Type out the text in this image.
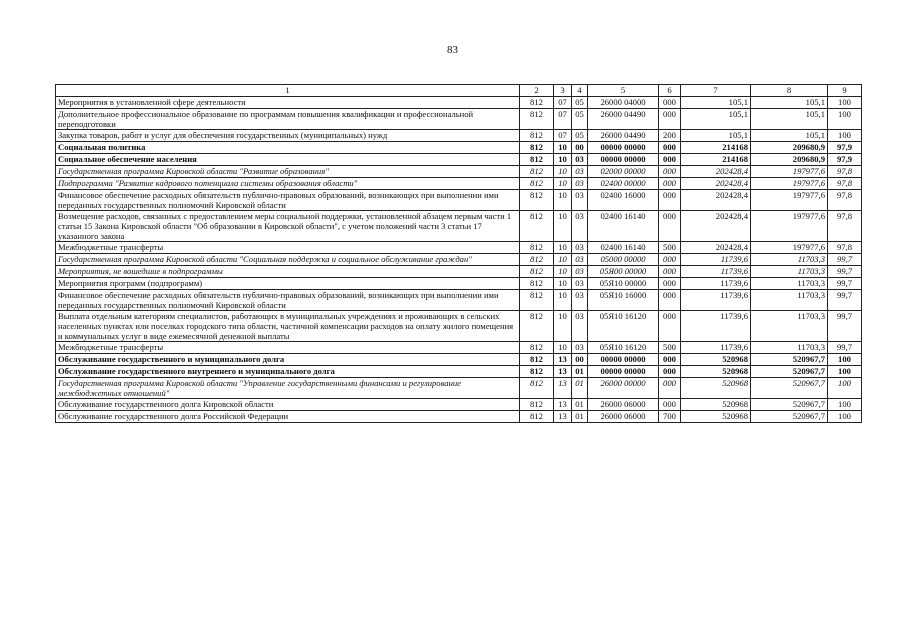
83
1	2	3	4	5	6	7	8	9
Мероприятия в установленной сфере деятельности	812	07	05	26000 04000	000	105,1	105,1	100
Дополнительное профессиональное образование по программам повышения квалификации и профессиональной переподготовки	812	07	05	26000 04490	000	105,1	105,1	100
Закупка товаров, работ и услуг для обеспечения государственных (муниципальных) нужд	812	07	05	26000 04490	200	105,1	105,1	100
Социальная политика	812	10	00	00000 00000	000	214168	209680,9	97,9
Социальное обеспечение населения	812	10	03	00000 00000	000	214168	209680,9	97,9
Государственная программа Кировской области "Развитие образования"	812	10	03	02000 00000	000	202428,4	197977,6	97,8
Подпрограмма "Развитие кадрового потенциала системы образования области"	812	10	03	02400 00000	000	202428,4	197977,6	97,8
Финансовое обеспечение расходных обязательств публично-правовых образований, возникающих при выполнении ими переданных государственных полномочий Кировской области	812	10	03	02400 16000	000	202428,4	197977,6	97,8
Возмещение расходов, связанных с предоставлением меры социальной поддержки, установленной абзацем первым части 1 статьи 15 Закона Кировской области "Об образовании в Кировской области", с учетом положений части 3 статьи 17 указанного закона	812	10	03	02400 16140	000	202428,4	197977,6	97,8
Межбюджетные трансферты	812	10	03	02400 16140	500	202428,4	197977,6	97,8
Государственная программа Кировской области "Социальная поддержка и социальное обслуживание граждан"	812	10	03	05000 00000	000	11739,6	11703,3	99,7
Мероприятия, не вошедшие в подпрограммы	812	10	03	05Я00 00000	000	11739,6	11703,3	99,7
Мероприятия программ (подпрограмм)	812	10	03	05Я10 00000	000	11739,6	11703,3	99,7
Финансовое обеспечение расходных обязательств публично-правовых образований, возникающих при выполнении ими переданных государственных полномочий Кировской области	812	10	03	05Я10 16000	000	11739,6	11703,3	99,7
Выплата отдельным категориям специалистов, работающих в муниципальных учреждениях и проживающих в сельских населенных пунктах или поселках городского типа области, частичной компенсации расходов на оплату жилого помещения и коммунальных услуг в виде ежемесячной денежной выплаты	812	10	03	05Я10 16120	000	11739,6	11703,3	99,7
Межбюджетные трансферты	812	10	03	05Я10 16120	500	11739,6	11703,3	99,7
Обслуживание государственного и муниципального долга	812	13	00	00000 00000	000	520968	520967,7	100
Обслуживание государственного внутреннего и муниципального долга	812	13	01	00000 00000	000	520968	520967,7	100
Государственная программа Кировской области "Управление государственными финансами и регулирование межбюджетных отношений"	812	13	01	26000 00000	000	520968	520967,7	100
Обслуживание государственного долга Кировской области	812	13	01	26000 06000	000	520968	520967,7	100
Обслуживание государственного долга Российской Федерации	812	13	01	26000 06000	700	520968	520967,7	100
